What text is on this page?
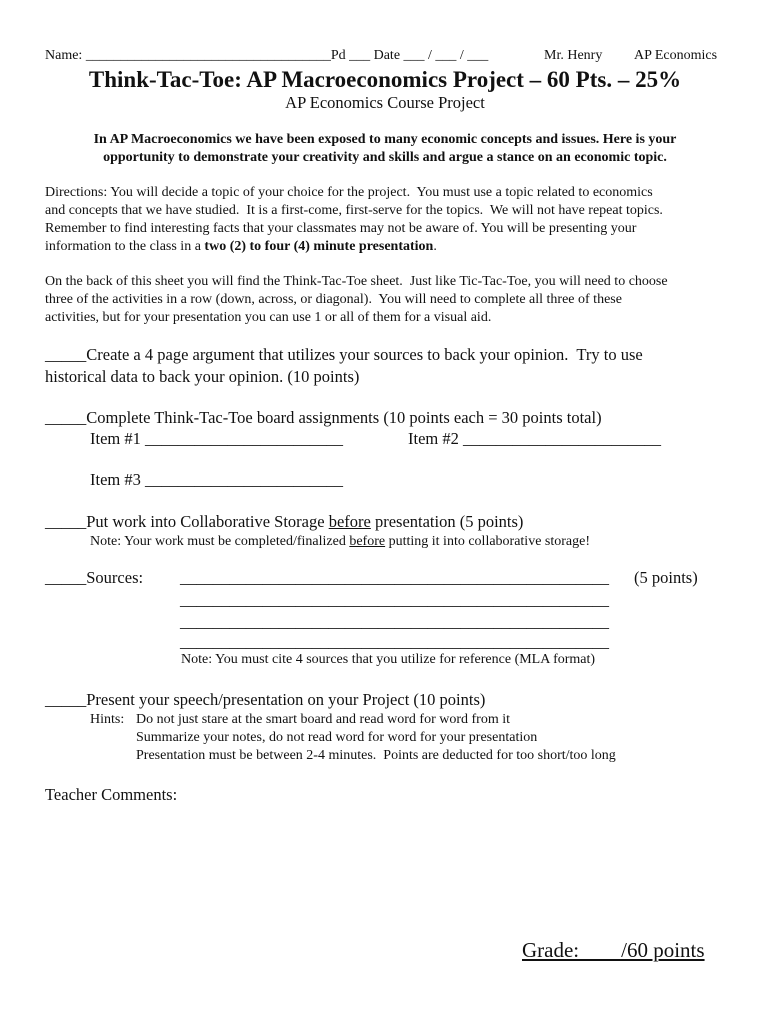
Name: ___________________________________Pd ___ Date ___ / ___ / ___	Mr. Henry AP Economics
Think-Tac-Toe: AP Macroeconomics Project – 60 Pts. – 25%
AP Economics Course Project
In AP Macroeconomics we have been exposed to many economic concepts and issues. Here is your
opportunity to demonstrate your creativity and skills and argue a stance on an economic topic.
Directions: You will decide a topic of your choice for the project.  You must use a topic related to economics
and concepts that we have studied.  It is a first-come, first-serve for the topics.  We will not have repeat topics.
Remember to find interesting facts that your classmates may not be aware of. You will be presenting your
information to the class in a two (2) to four (4) minute presentation.
On the back of this sheet you will find the Think-Tac-Toe sheet.  Just like Tic-Tac-Toe, you will need to choose
three of the activities in a row (down, across, or diagonal).  You will need to complete all three of these
activities, but for your presentation you can use 1 or all of them for a visual aid.
_____Create a 4 page argument that utilizes your sources to back your opinion.  Try to use
historical data to back your opinion. (10 points)
_____Complete Think-Tac-Toe board assignments (10 points each = 30 points total)
Item #1 ________________________	Item #2 ________________________
Item #3 ________________________
_____Put work into Collaborative Storage before presentation (5 points)
Note: Your work must be completed/finalized before putting it into collaborative storage!
_____Sources: ____________________________________________________ (5 points)
____________________________________________________
____________________________________________________
____________________________________________________
Note: You must cite 4 sources that you utilize for reference (MLA format)
_____Present your speech/presentation on your Project (10 points)
Hints: Do not just stare at the smart board and read word for word from it
Summarize your notes, do not read word for word for your presentation
Presentation must be between 2-4 minutes.  Points are deducted for too short/too long
Teacher Comments:
Grade:        /60 points
